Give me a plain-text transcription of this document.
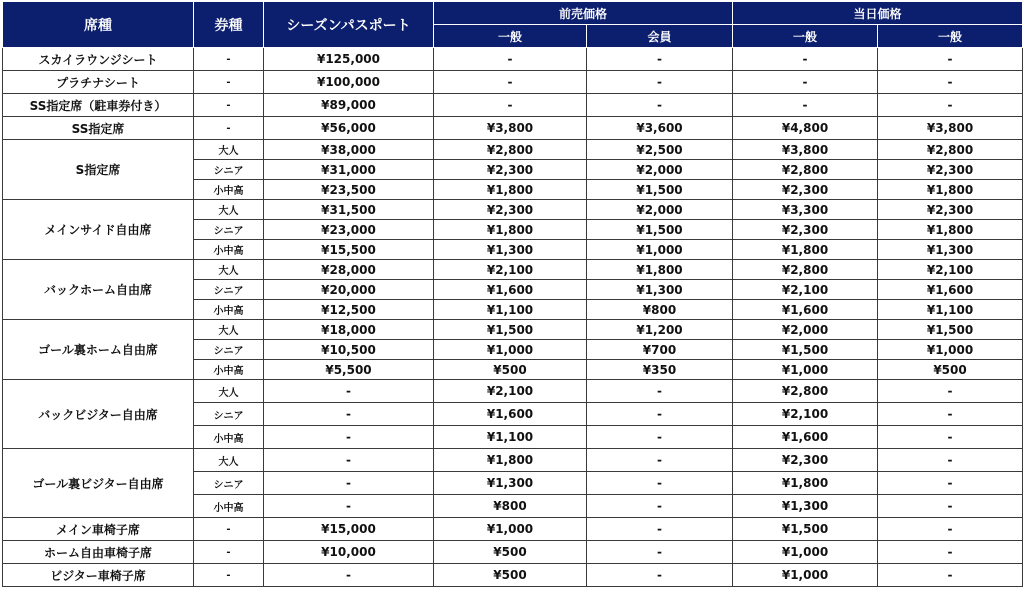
席種	券種	シーズンパスポート	前売価格		当日価格	
			一般	会員	一般	一般
スカイラウンジシート	-	¥125,000	-	-	-	-
プラチナシート	-	¥100,000	-	-	-	-
SS指定席（駐車券付き）	-	¥89,000	-	-	-	-
SS指定席	-	¥56,000	¥3,800	¥3,600	¥4,800	¥3,800
S指定席	大人	¥38,000	¥2,800	¥2,500	¥3,800	¥2,800
	シニア	¥31,000	¥2,300	¥2,000	¥2,800	¥2,300
	小中高	¥23,500	¥1,800	¥1,500	¥2,300	¥1,800
メインサイド自由席	大人	¥31,500	¥2,300	¥2,000	¥3,300	¥2,300
	シニア	¥23,000	¥1,800	¥1,500	¥2,300	¥1,800
	小中高	¥15,500	¥1,300	¥1,000	¥1,800	¥1,300
バックホーム自由席	大人	¥28,000	¥2,100	¥1,800	¥2,800	¥2,100
	シニア	¥20,000	¥1,600	¥1,300	¥2,100	¥1,600
	小中高	¥12,500	¥1,100	¥800	¥1,600	¥1,100
ゴール裏ホーム自由席	大人	¥18,000	¥1,500	¥1,200	¥2,000	¥1,500
	シニア	¥10,500	¥1,000	¥700	¥1,500	¥1,000
	小中高	¥5,500	¥500	¥350	¥1,000	¥500
バックビジター自由席	大人	-	¥2,100	-	¥2,800	-
	シニア	-	¥1,600	-	¥2,100	-
	小中高	-	¥1,100	-	¥1,600	-
ゴール裏ビジター自由席	大人	-	¥1,800	-	¥2,300	-
	シニア	-	¥1,300	-	¥1,800	-
	小中高	-	¥800	-	¥1,300	-
メイン車椅子席	-	¥15,000	¥1,000	-	¥1,500	-
ホーム自由車椅子席	-	¥10,000	¥500	-	¥1,000	-
ビジター車椅子席	-	-	¥500	-	¥1,000	-
